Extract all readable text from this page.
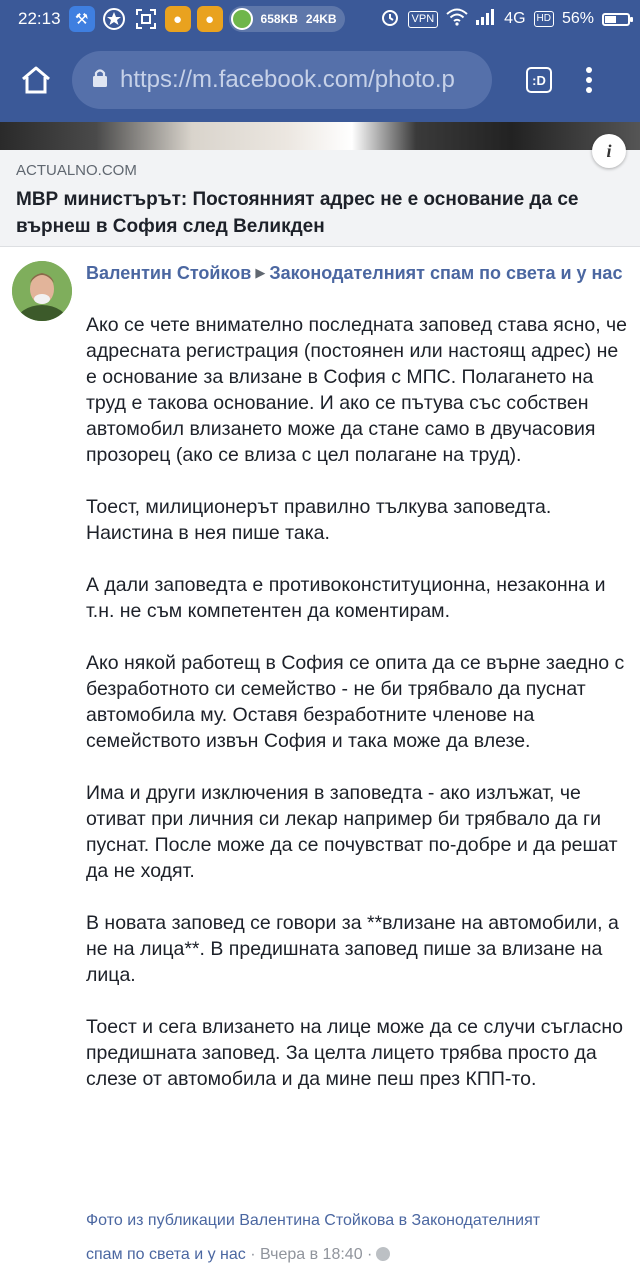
22:13 ⚒	●	●	658KB 24KB	VPN	4G	HD 56%
https://m.facebook.com/photo.p	:D
i
ACTUALNO.COM
МВР министърът: Постоянният адрес не е основание да се върнеш в София след Великден
Валентин Стойков ▶ Законодателният спам по света и у нас

Ако се чете внимателно последната заповед става ясно, че адресната регистрация (постоянен или настоящ адрес) не е основание за влизане в София с МПС. Полагането на труд е такова основание. И ако се пътува със собствен автомобил влизането може да стане само в двучасовия прозорец (ако се влиза с цел полагане на труд).

Тоест, милиционерът правилно тълкува заповедта. Наистина в нея пише така.

А дали заповедта е противоконституционна, незаконна и т.н. не съм компетентен да коментирам.

Ако някой работещ в София се опита да се върне заедно с безработното си семейство - не би трябвало да пуснат автомобила му. Оставя безработните членове на семейството извън София и така може да влезе.

Има и други изключения в заповедта - ако излъжат, че отиват при личния си лекар например би трябвало да ги пуснат. После може да се почувстват по-добре и да решат да не ходят.

В новата заповед се говори за **влизане на автомобили, а не на лица**. В предишната заповед пише за влизане на лица.

Тоест и сега влизането на лице може да се случи съгласно предишната заповед. За целта лицето трябва просто да слезе от автомобила и да мине пеш през КПП-то.

Фото из публикации Валентина Стойкова в Законодателният
спам по света и у нас · Вчера в 18:40 ·
